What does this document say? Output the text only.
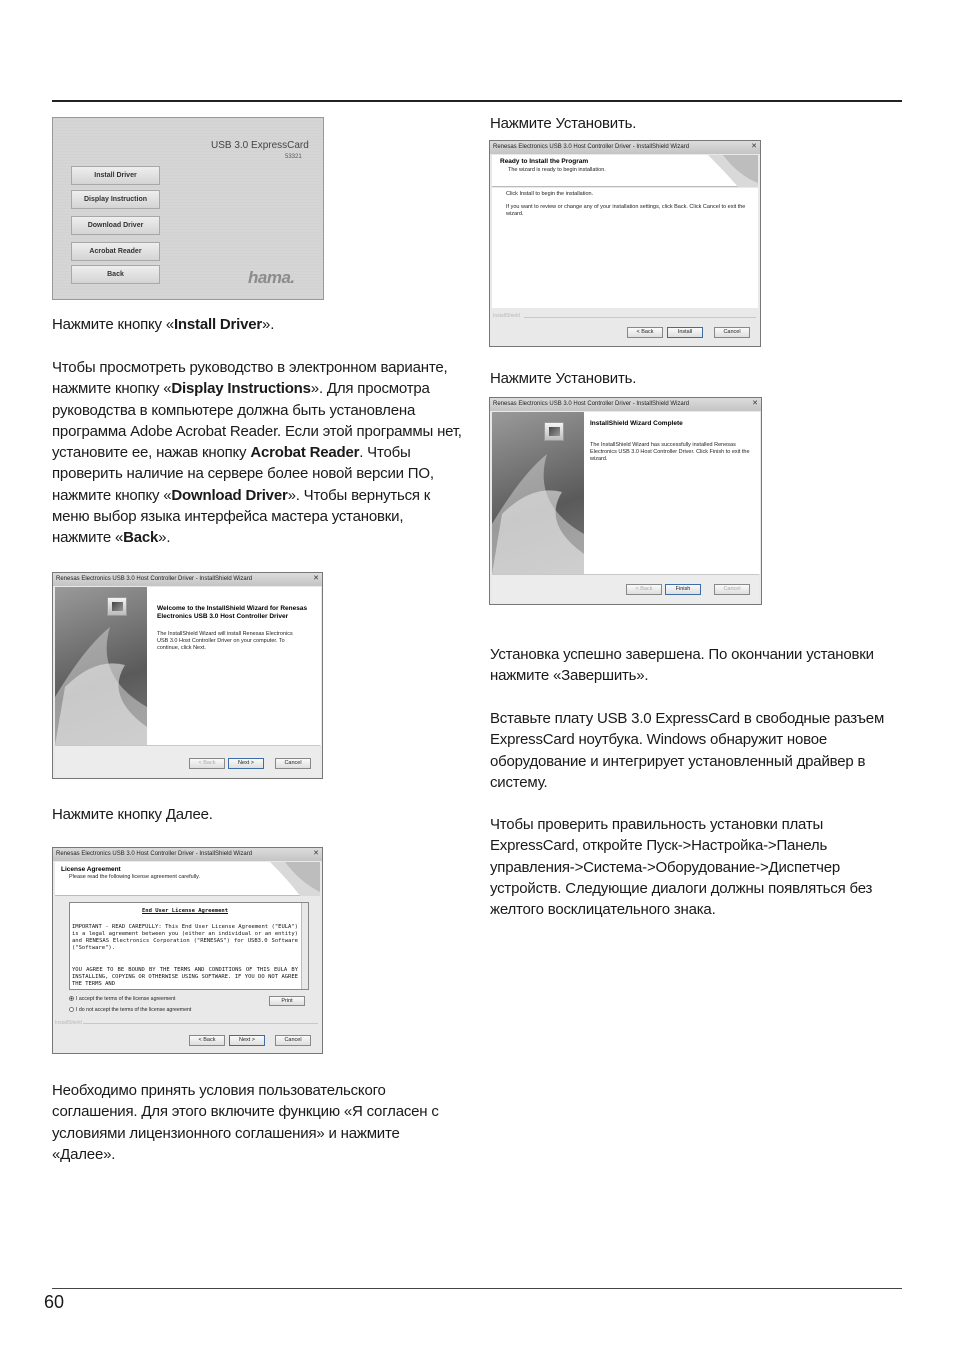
USB 3.0 ExpressCard
53321
Install Driver
Display Instruction
Download Driver
Acrobat Reader
Back	hama.
Нажмите кнопку «Install Driver».
Чтобы просмотреть руководство в электронном варианте, нажмите кнопку «Display Instructions». Для просмотра руководства в компьютере должна быть установлена программа Adobe Acrobat Reader. Если этой программы нет, установите ее, нажав кнопку Acrobat Reader. Чтобы проверить наличие на сервере более новой версии ПО, нажмите кнопку «Download Driver». Чтобы вернуться к меню выбор языка интерфейса мастера установки, нажмите «Back».
Renesas Electronics USB 3.0 Host Controller Driver - InstallShield Wizard	✕
Welcome to the InstallShield Wizard for Renesas Electronics USB 3.0 Host Controller Driver
The InstallShield Wizard will install Renesas Electronics USB 3.0 Host Controller Driver on your computer. To continue, click Next.
< Back	Next >	Cancel
Нажмите кнопку Далее.
Renesas Electronics USB 3.0 Host Controller Driver - InstallShield Wizard	✕
License Agreement
Please read the following license agreement carefully.
End User License Agreement
IMPORTANT - READ CAREFULLY: This End User License Agreement ("EULA") is a legal agreement between you (either an individual or an entity) and RENESAS Electronics Corporation ("RENESAS") for USB3.0 Software ("Software").
YOU AGREE TO BE BOUND BY THE TERMS AND CONDITIONS OF THIS EULA BY INSTALLING, COPYING OR OTHERWISE USING SOFTWARE. IF YOU DO NOT AGREE THE TERMS AND
I accept the terms of the license agreement
I do not accept the terms of the license agreement
Print
InstallShield
< Back	Next >	Cancel
Необходимо принять условия пользовательского соглашения. Для этого включите функцию «Я согласен с условиями лицензионного соглашения» и нажмите «Далее».
Нажмите Установить.
Renesas Electronics USB 3.0 Host Controller Driver - InstallShield Wizard	✕
Ready to Install the Program
The wizard is ready to begin installation.
Click Install to begin the installation.
If you want to review or change any of your installation settings, click Back. Click Cancel to exit the wizard.
InstallShield
< Back	Install	Cancel
Нажмите Установить.
Renesas Electronics USB 3.0 Host Controller Driver - InstallShield Wizard	✕
InstallShield Wizard Complete
The InstallShield Wizard has successfully installed Renesas Electronics USB 3.0 Host Controller Driver. Click Finish to exit the wizard.
< Back	Finish	Cancel
Установка успешно завершена. По окончании установки нажмите «Завершить».
Вставьте плату USB 3.0 ExpressCard в свободные разъем ExpressCard ноутбука. Windows обнаружит новое оборудование и интегрирует установленный драйвер в систему.
Чтобы проверить правильность установки платы ExpressCard, откройте Пуск->Настройка->Панель управления->Система->Оборудование->Диспетчер устройств. Следующие диалоги должны появляться без желтого восклицательного знака.
60
